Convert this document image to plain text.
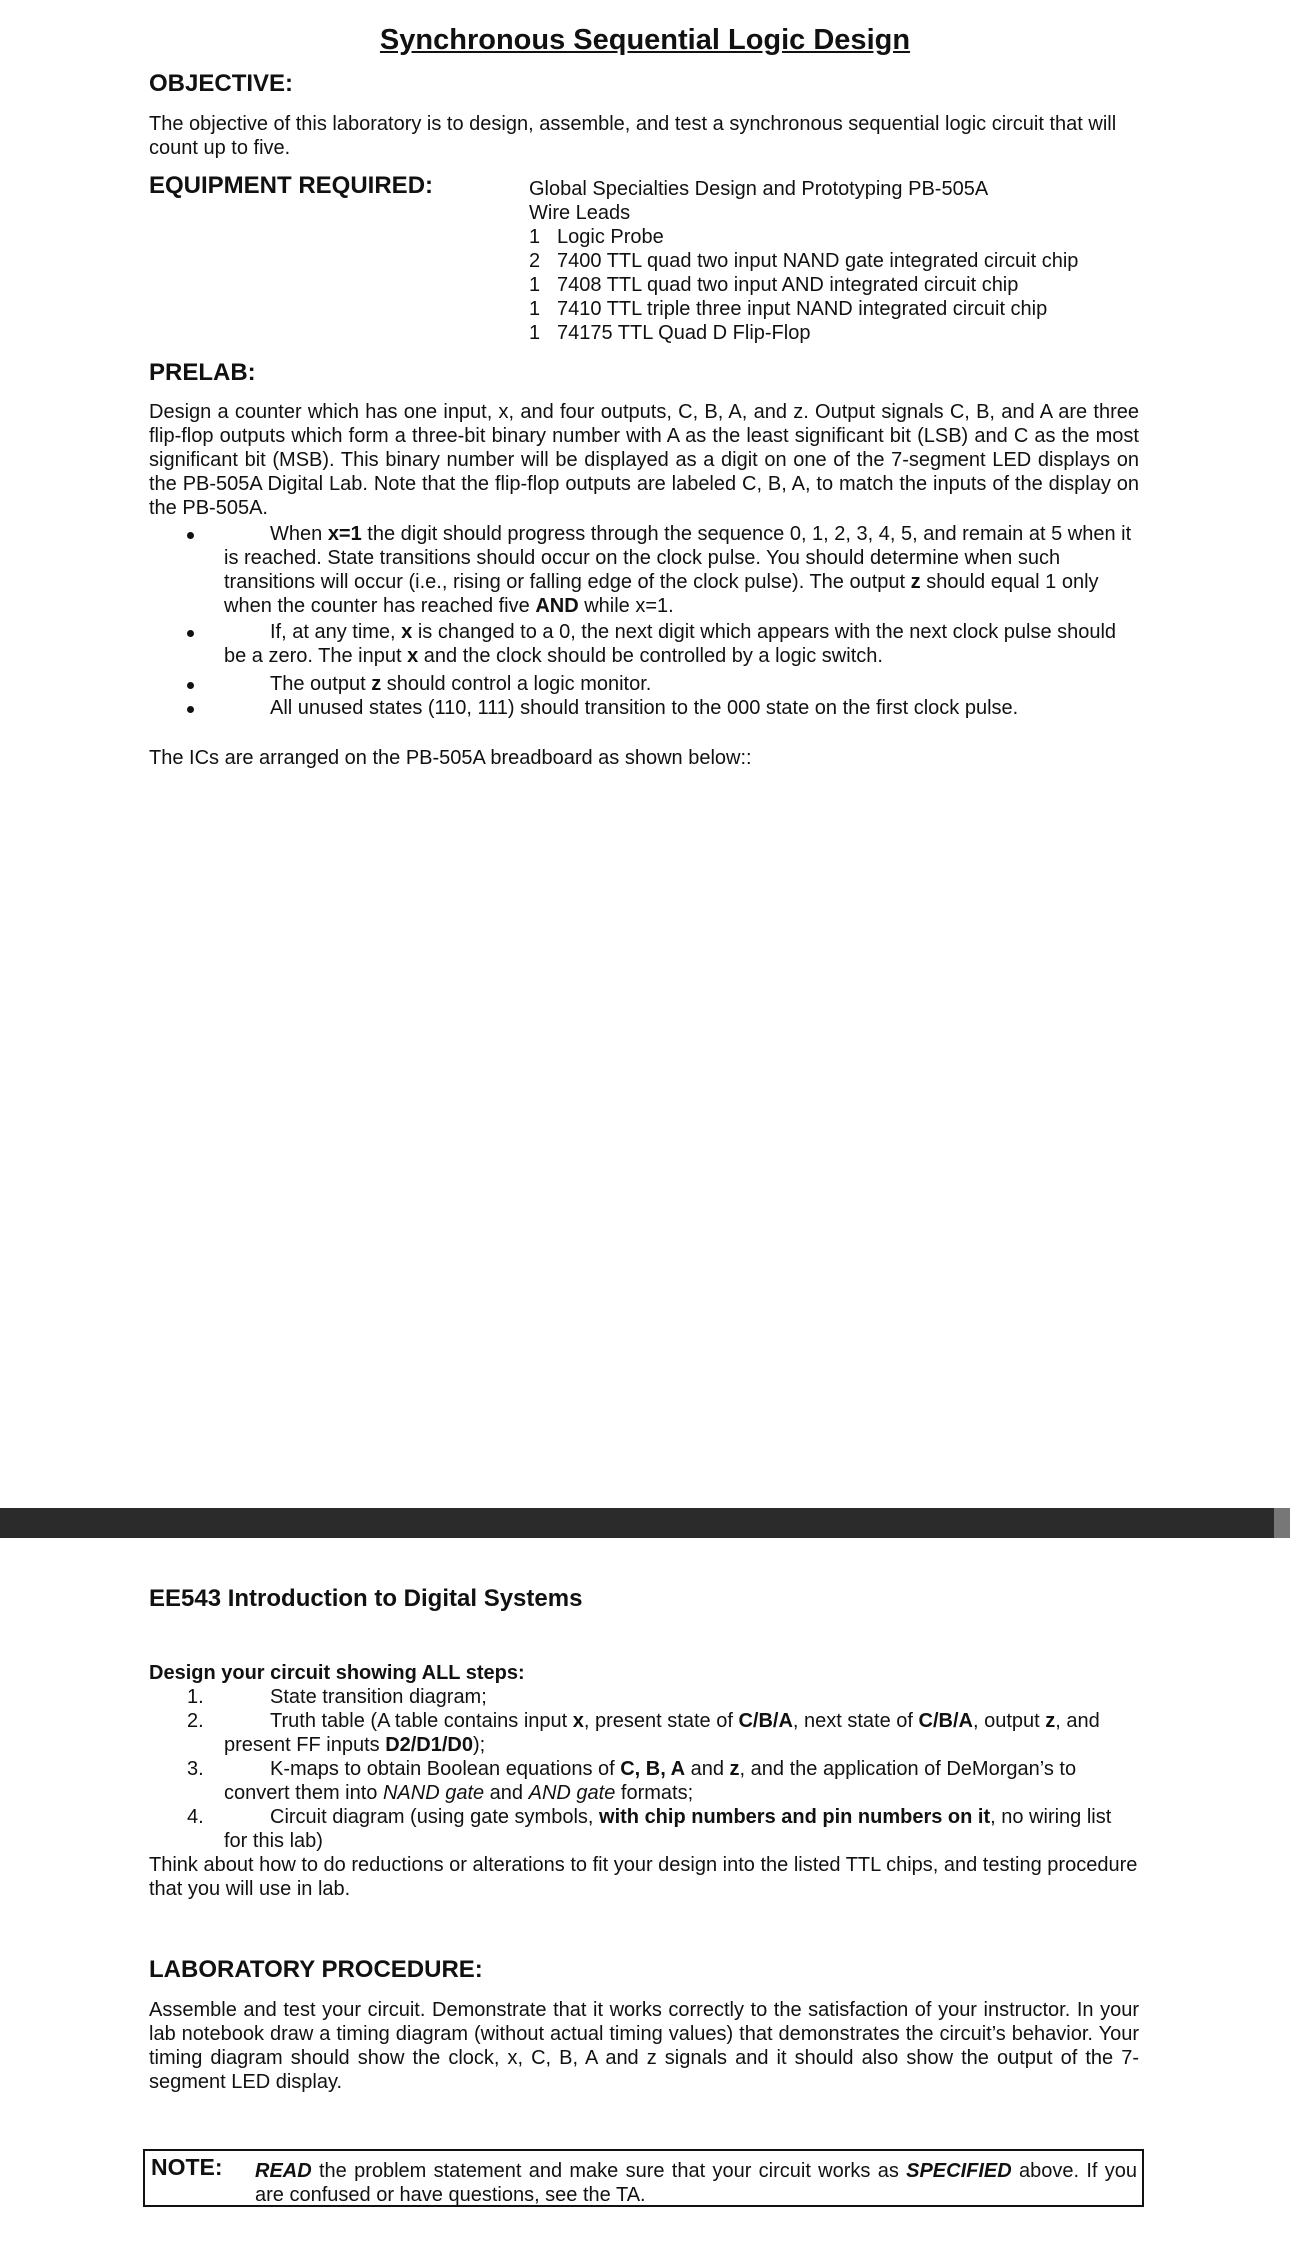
Synchronous Sequential Logic Design
OBJECTIVE:
The objective of this laboratory is to design, assemble, and test a synchronous sequential logic circuit that will count up to five.
EQUIPMENT REQUIRED:	Global Specialties Design and Prototyping PB-505A
Wire Leads
1 Logic Probe
2 7400 TTL quad two input NAND gate integrated circuit chip
1 7408 TTL quad two input AND integrated circuit chip
1 7410 TTL triple three input NAND integrated circuit chip
1 74175 TTL Quad D Flip-Flop
PRELAB:
Design a counter which has one input, x, and four outputs, C, B, A, and z. Output signals C, B, and A are three flip-flop outputs which form a three-bit binary number with A as the least significant bit (LSB) and C as the most significant bit (MSB). This binary number will be displayed as a digit on one of the 7-segment LED displays on the PB-505A Digital Lab. Note that the flip-flop outputs are labeled C, B, A, to match the inputs of the display on the PB-505A.
When x=1 the digit should progress through the sequence 0, 1, 2, 3, 4, 5, and remain at 5 when it is reached. State transitions should occur on the clock pulse. You should determine when such transitions will occur (i.e., rising or falling edge of the clock pulse). The output z should equal 1 only when the counter has reached five AND while x=1.
If, at any time, x is changed to a 0, the next digit which appears with the next clock pulse should be a zero. The input x and the clock should be controlled by a logic switch.
The output z should control a logic monitor.
All unused states (110, 111) should transition to the 000 state on the first clock pulse.
The ICs are arranged on the PB-505A breadboard as shown below::
EE543 Introduction to Digital Systems
Design your circuit showing ALL steps:
1.	State transition diagram;
2.	Truth table (A table contains input x, present state of C/B/A, next state of C/B/A, output z, and present FF inputs D2/D1/D0);
3.	K-maps to obtain Boolean equations of C, B, A and z, and the application of DeMorgan’s to convert them into NAND gate and AND gate formats;
4.	Circuit diagram (using gate symbols, with chip numbers and pin numbers on it, no wiring list for this lab)
Think about how to do reductions or alterations to fit your design into the listed TTL chips, and testing procedure that you will use in lab.
LABORATORY PROCEDURE:
Assemble and test your circuit. Demonstrate that it works correctly to the satisfaction of your instructor. In your lab notebook draw a timing diagram (without actual timing values) that demonstrates the circuit’s behavior. Your timing diagram should show the clock, x, C, B, A and z signals and it should also show the output of the 7-segment LED display.
NOTE: READ the problem statement and make sure that your circuit works as SPECIFIED above. If you are confused or have questions, see the TA.
